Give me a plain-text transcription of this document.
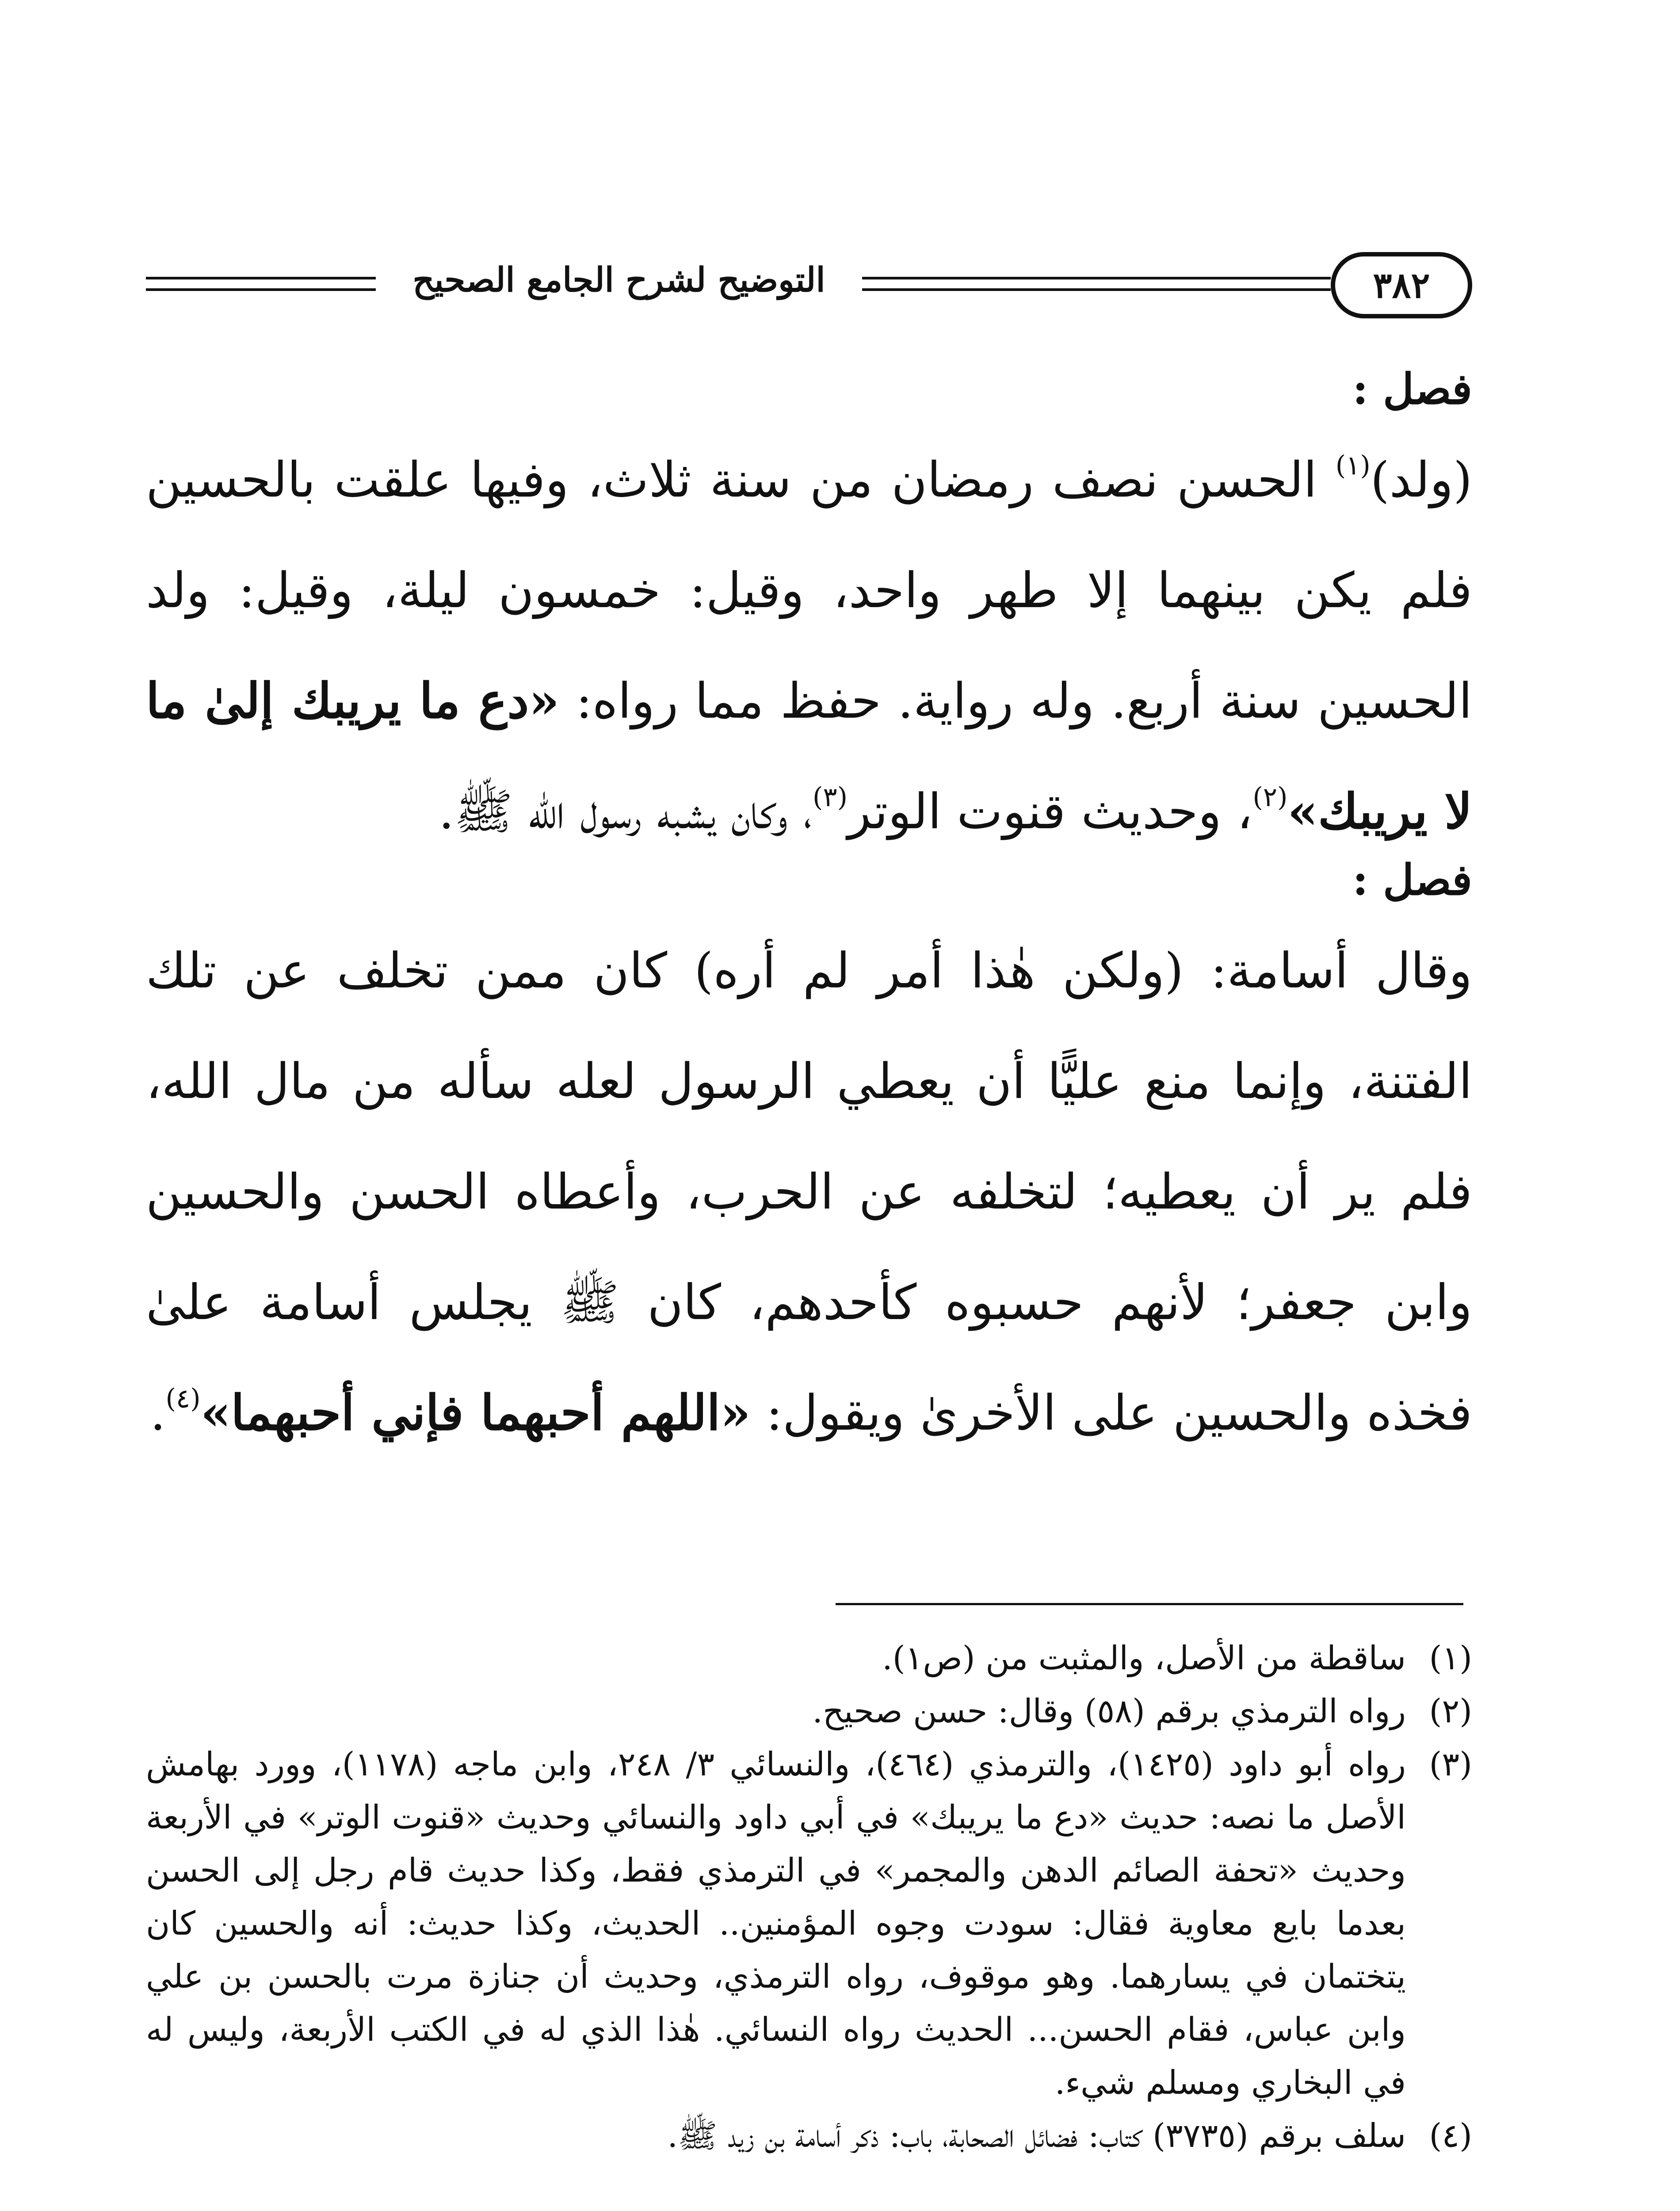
التوضيح لشرح الجامع الصحيح	٣٨٢
فصل :
(ولد)$^{(١)}$ الحسن نصف رمضان من سنة ثلاث، وفيها علقت بالحسين فلم يكن بينهما إلا طهر واحد، وقيل: خمسون ليلة، وقيل: ولد الحسين سنة أربع. وله رواية. حفظ مما رواه: «دع ما يريبك إلىٰ ما لا يريبك»$^{(٢)}$، وحديث قنوت الوتر$^{(٣)}$، وكان يشبه رسول الله ﷺ.
فصل :
وقال أسامة: (ولكن هٰذا أمر لم أره) كان ممن تخلف عن تلك الفتنة، وإنما منع عليًّا أن يعطي الرسول لعله سأله من مال الله، فلم ير أن يعطيه؛ لتخلفه عن الحرب، وأعطاه الحسن والحسين وابن جعفر؛ لأنهم حسبوه كأحدهم، كان ﷺ يجلس أسامة علىٰ فخذه والحسين على الأخرىٰ ويقول: «اللهم أحبهما فإني أحبهما»$^{(٤)}$.
(١)
ساقطة من الأصل، والمثبت من (ص١).
(٢)
رواه الترمذي برقم (٥٨) وقال: حسن صحيح.
(٣)
رواه أبو داود (١٤٢٥)، والترمذي (٤٦٤)، والنسائي ٣/ ٢٤٨، وابن ماجه (١١٧٨)، وورد بهامش الأصل ما نصه: حديث «دع ما يريبك» في أبي داود والنسائي وحديث «قنوت الوتر» في الأربعة وحديث «تحفة الصائم الدهن والمجمر» في الترمذي فقط، وكذا حديث قام رجل إلى الحسن بعدما بايع معاوية فقال: سودت وجوه المؤمنين.. الحديث، وكذا حديث: أنه والحسين كان يتختمان في يسارهما. وهو موقوف، رواه الترمذي، وحديث أن جنازة مرت بالحسن بن علي وابن عباس، فقام الحسن... الحديث رواه النسائي. هٰذا الذي له في الكتب الأربعة، وليس له في البخاري ومسلم شيء.
(٤)
سلف برقم (٣٧٣٥) كتاب: فضائل الصحابة، باب: ذكر أسامة بن زيد ﷺ.
